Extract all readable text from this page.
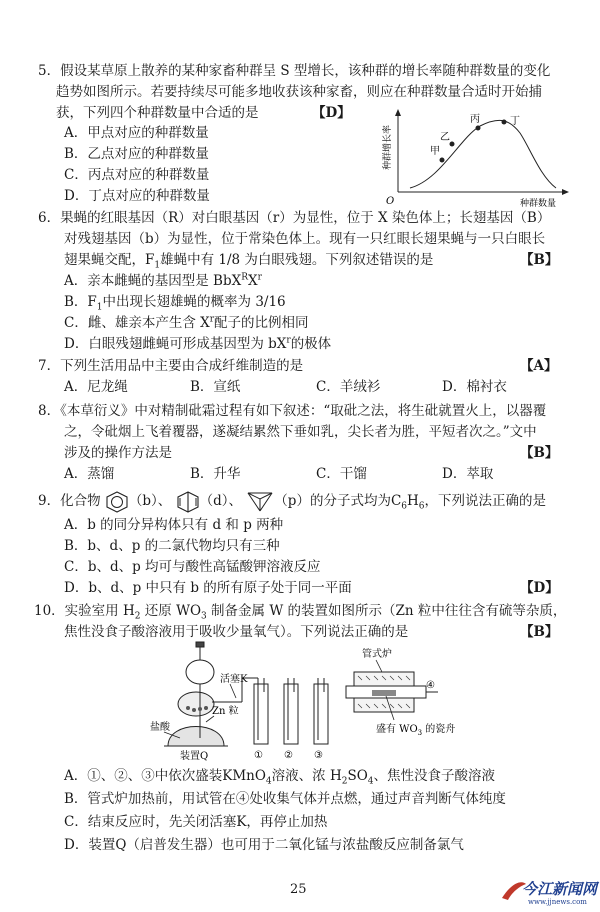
5．假设某草原上散养的某种家畜种群呈 S 型增长，该种群的增长率随种群数量的变化
趋势如图所示。若要持续尽可能多地收获该种家畜，则应在种群数量合适时开始捕
获，下列四个种群数量中合适的是	【D】
A．甲点对应的种群数量
B．乙点对应的种群数量
C．丙点对应的种群数量
D．丁点对应的种群数量
甲
乙
丙	丁
O	种群数量
种群增长率
6．果蝇的红眼基因（R）对白眼基因（r）为显性，位于 X 染色体上；长翅基因（B）
对残翅基因（b）为显性，位于常染色体上。现有一只红眼长翅果蝇与一只白眼长
翅果蝇交配，$F_1$雄蝇中有 1/8 为白眼残翅。下列叙述错误的是	【B】
A．亲本雌蝇的基因型是 $BbX^RX^r$
B．$F_1$中出现长翅雄蝇的概率为 3/16
C．雌、雄亲本产生含 $X^r$配子的比例相同
D．白眼残翅雌蝇可形成基因型为 $bX^r$的极体
7．下列生活用品中主要由合成纤维制造的是	【A】
A．尼龙绳	B．宣纸	C．羊绒衫	D．棉衬衣
8．《本草衍义》中对精制砒霜过程有如下叙述：“取砒之法，将生砒就置火上，以器覆
之，令砒烟上飞着覆器，遂凝结累然下垂如乳，尖长者为胜，平短者次之。”文中
涉及的操作方法是	【B】
A．蒸馏	B．升华	C．干馏	D．萃取
9．化合物 （b）、 （d）、 （p）的分子式均为$C_6H_6$，下列说法正确的是
A．b 的同分异构体只有 d 和 p 两种
B．b、d、p 的二氯代物均只有三种
C．b、d、p 均可与酸性高锰酸钾溶液反应
D．b、d、p 中只有 b 的所有原子处于同一平面	【D】
10．实验室用 $H_2$ 还原 $WO_3$ 制备金属 W 的装置如图所示（Zn 粒中往往含有硫等杂质，
焦性没食子酸溶液用于吸收少量氧气）。下列说法正确的是	【B】
管式炉
活塞K
Zn 粒
盐酸
装置Q
盛有 $WO_3$ 的瓷舟
① ② ③
④
A．①、②、③中依次盛装KMnO$_4$溶液、浓 $H_2SO_4$、焦性没食子酸溶液
B．管式炉加热前，用试管在④处收集气体并点燃，通过声音判断气体纯度
C．结束反应时，先关闭活塞K，再停止加热
D．装置Q（启普发生器）也可用于二氧化锰与浓盐酸反应制备氯气
25	今江新闻网
www.jjnews.com
